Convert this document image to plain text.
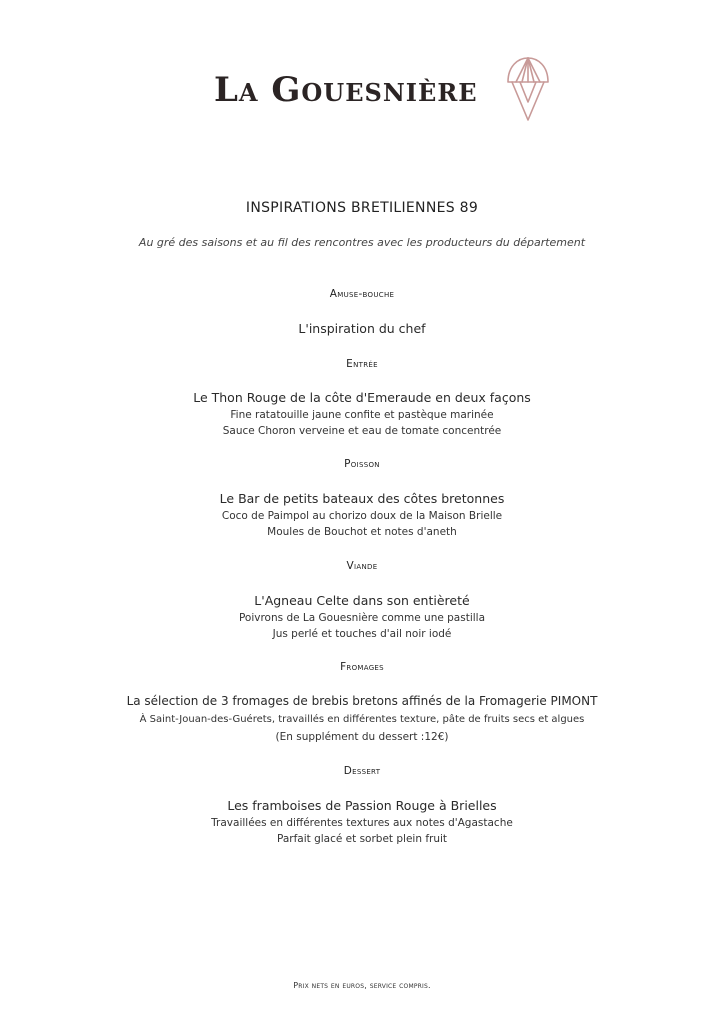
La Gouesnière
INSPIRATIONS BRETILIENNES 89
Au gré des saisons et au fil des rencontres avec les producteurs du département
Amuse-bouche
L'inspiration du chef
Entrée
Le Thon Rouge de la côte d'Emeraude en deux façons
Fine ratatouille jaune confite et pastèque marinée
Sauce Choron verveine et eau de tomate concentrée
Poisson
Le Bar de petits bateaux des côtes bretonnes
Coco de Paimpol au chorizo doux de la Maison Brielle
Moules de Bouchot et notes d'aneth
Viande
L'Agneau Celte dans son entièreté
Poivrons de La Gouesnière comme une pastilla
Jus perlé et touches d'ail noir iodé
Fromages
La sélection de 3 fromages de brebis bretons affinés de la Fromagerie PIMONT
À Saint-Jouan-des-Guérets, travaillés en différentes texture, pâte de fruits secs et algues
(En supplément du dessert :12€)
Dessert
Les framboises de Passion Rouge à Brielles
Travaillées en différentes textures aux notes d'Agastache
Parfait glacé et sorbet plein fruit
Prix nets en euros, service compris.
